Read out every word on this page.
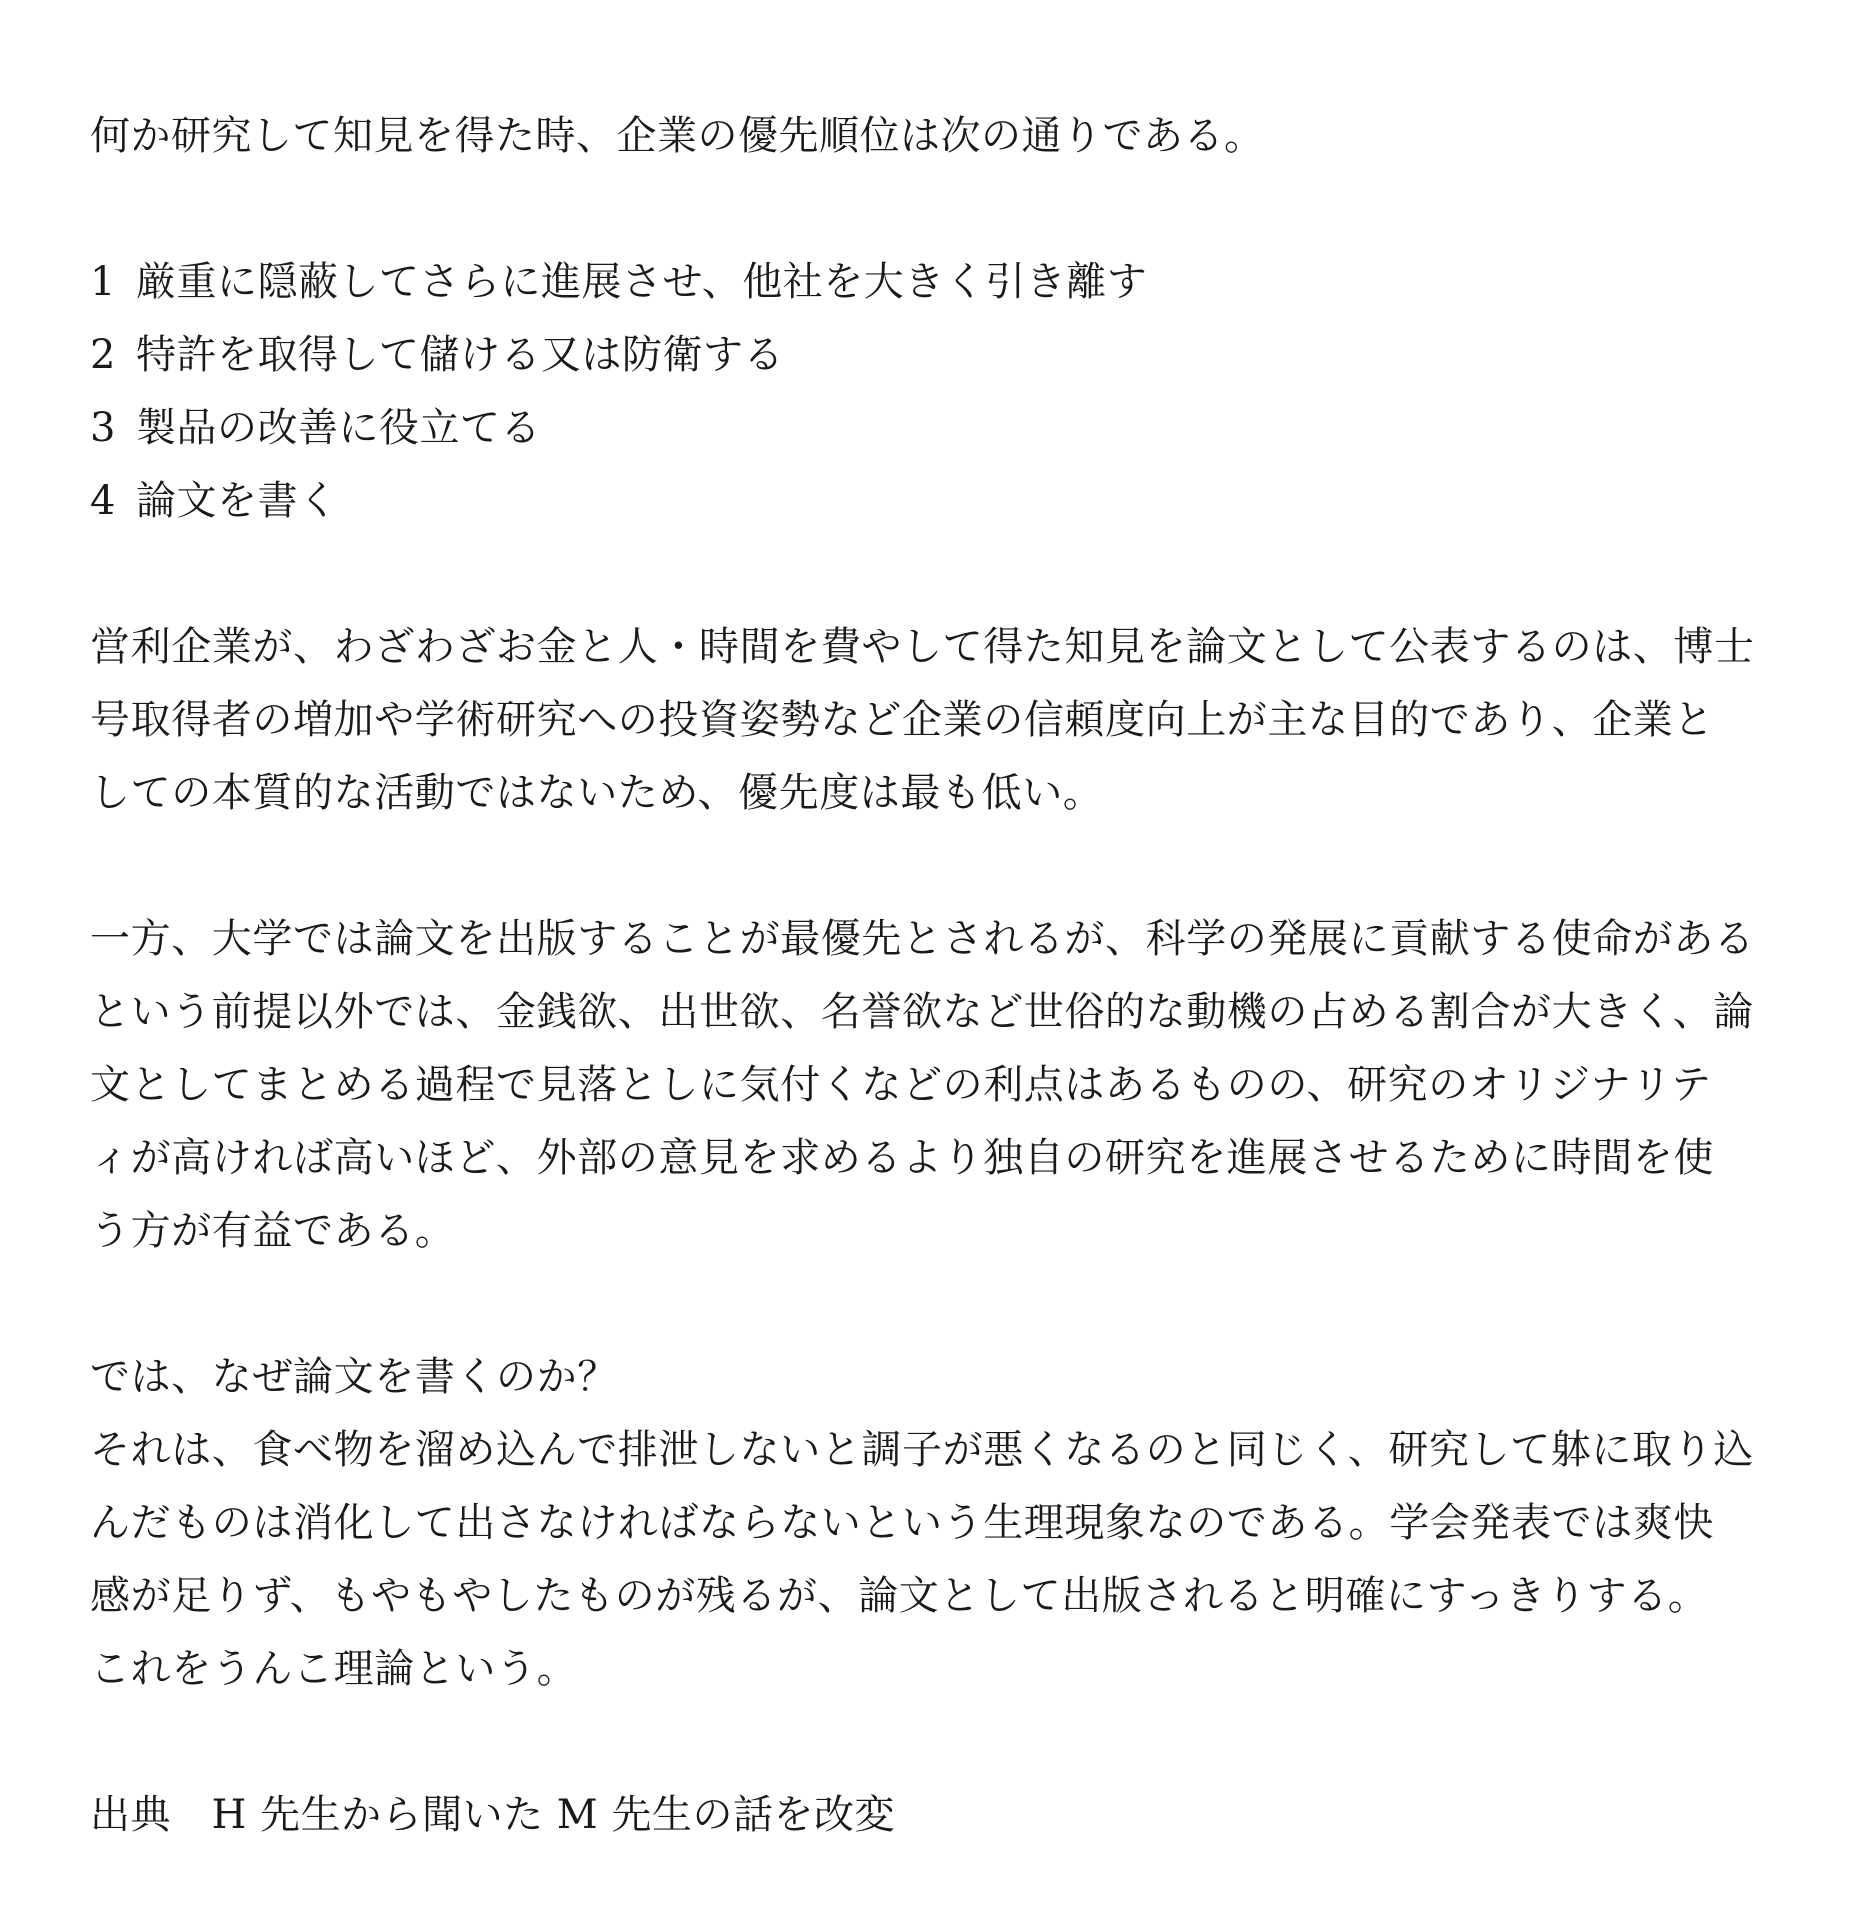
何か研究して知見を得た時、企業の優先順位は次の通りである。
1 厳重に隠蔽してさらに進展させ、他社を大きく引き離す
2 特許を取得して儲ける又は防衛する
3 製品の改善に役立てる
4 論文を書く
営利企業が、わざわざお金と人・時間を費やして得た知見を論文として公表するのは、博士
号取得者の増加や学術研究への投資姿勢など企業の信頼度向上が主な目的であり、企業と
しての本質的な活動ではないため、優先度は最も低い。
一方、大学では論文を出版することが最優先とされるが、科学の発展に貢献する使命がある
という前提以外では、金銭欲、出世欲、名誉欲など世俗的な動機の占める割合が大きく、論
文としてまとめる過程で見落としに気付くなどの利点はあるものの、研究のオリジナリテ
ィが高ければ高いほど、外部の意見を求めるより独自の研究を進展させるために時間を使
う方が有益である。
では、なぜ論文を書くのか？
それは、食べ物を溜め込んで排泄しないと調子が悪くなるのと同じく、研究して躰に取り込
んだものは消化して出さなければならないという生理現象なのである。学会発表では爽快
感が足りず、もやもやしたものが残るが、論文として出版されると明確にすっきりする。
これをうんこ理論という。
出典　H 先生から聞いた M 先生の話を改変
